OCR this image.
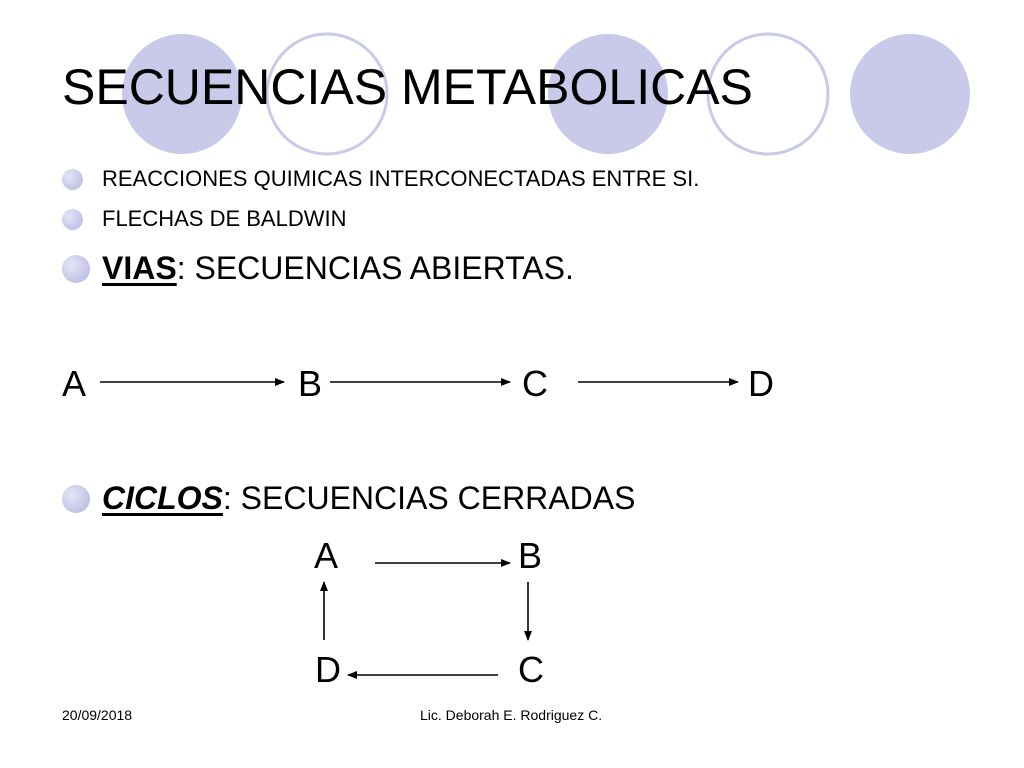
SECUENCIAS METABOLICAS
REACCIONES QUIMICAS INTERCONECTADAS ENTRE SI.
FLECHAS DE BALDWIN
VIAS: SECUENCIAS ABIERTAS.
CICLOS: SECUENCIAS CERRADAS
A	B	C	D
A	B
C
D
20/09/2018	Lic. Deborah E. Rodriguez C.
